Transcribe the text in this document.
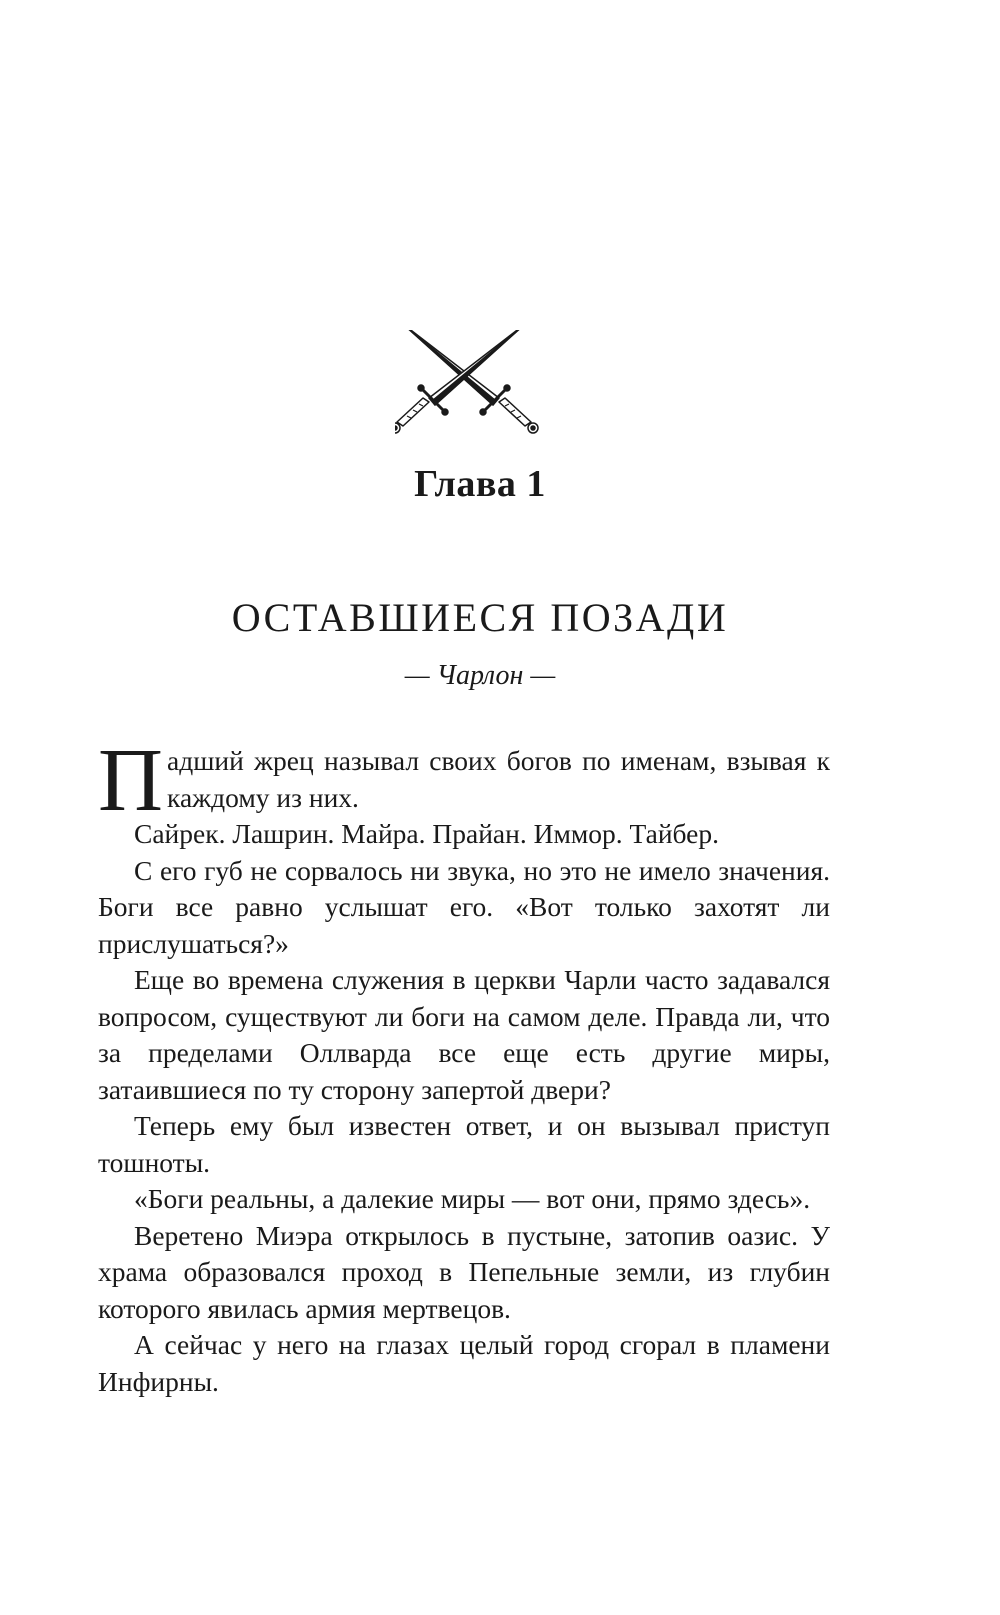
Глава 1
ОСТАВШИЕСЯ ПОЗАДИ
— Чарлон —

Падший жрец называл своих богов по именам, взывая к каждому из них.

Сайрек. Лашрин. Майра. Прайан. Иммор. Тайбер.

С его губ не сорвалось ни звука, но это не имело значения. Боги все равно услышат его. «Вот только захотят ли прислушаться?»

Еще во времена служения в церкви Чарли часто задавался вопросом, существуют ли боги на самом деле. Правда ли, что за пределами Оллварда все еще есть другие миры, затаившиеся по ту сторону запертой двери?

Теперь ему был известен ответ, и он вызывал приступ тошноты.

«Боги реальны, а далекие миры — вот они, прямо здесь».

Веретено Миэра открылось в пустыне, затопив оазис. У храма образовался проход в Пепельные земли, из глубин которого явилась армия мертвецов.

А сейчас у него на глазах целый город сгорал в пламени Инфирны.
